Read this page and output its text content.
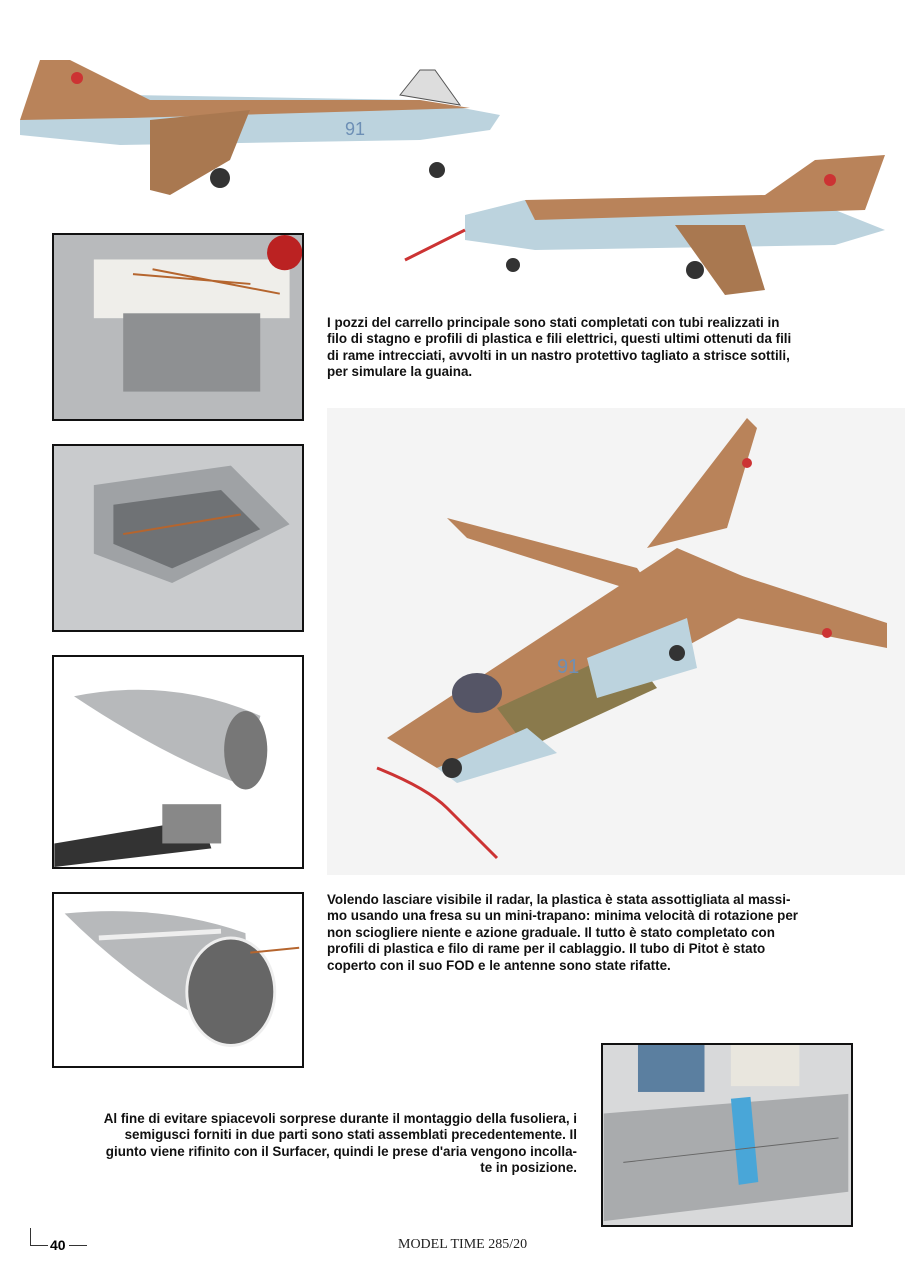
91
I pozzi del carrello principale sono stati completati con tubi realizzati in
filo di stagno e profili di plastica e fili elettrici, questi ultimi ottenuti da fili
di rame intrecciati, avvolti in un nastro protettivo tagliato a strisce sottili,
per simulare la guaina.
91
Volendo lasciare visibile il radar, la plastica è stata assottigliata al massi-
mo usando una fresa su un mini-trapano: minima velocità di rotazione per
non sciogliere niente e azione graduale. Il tutto è stato completato con
profili di plastica e filo di rame per il cablaggio. Il tubo di Pitot è stato
coperto con il suo FOD e le antenne sono state rifatte.
Al fine di evitare spiacevoli sorprese durante il montaggio della fusoliera, i
semigusci forniti in due parti sono stati assemblati precedentemente. Il
giunto viene rifinito con il Surfacer, quindi le prese d'aria vengono incolla-
te in posizione.
40	MODEL TIME 285/20
